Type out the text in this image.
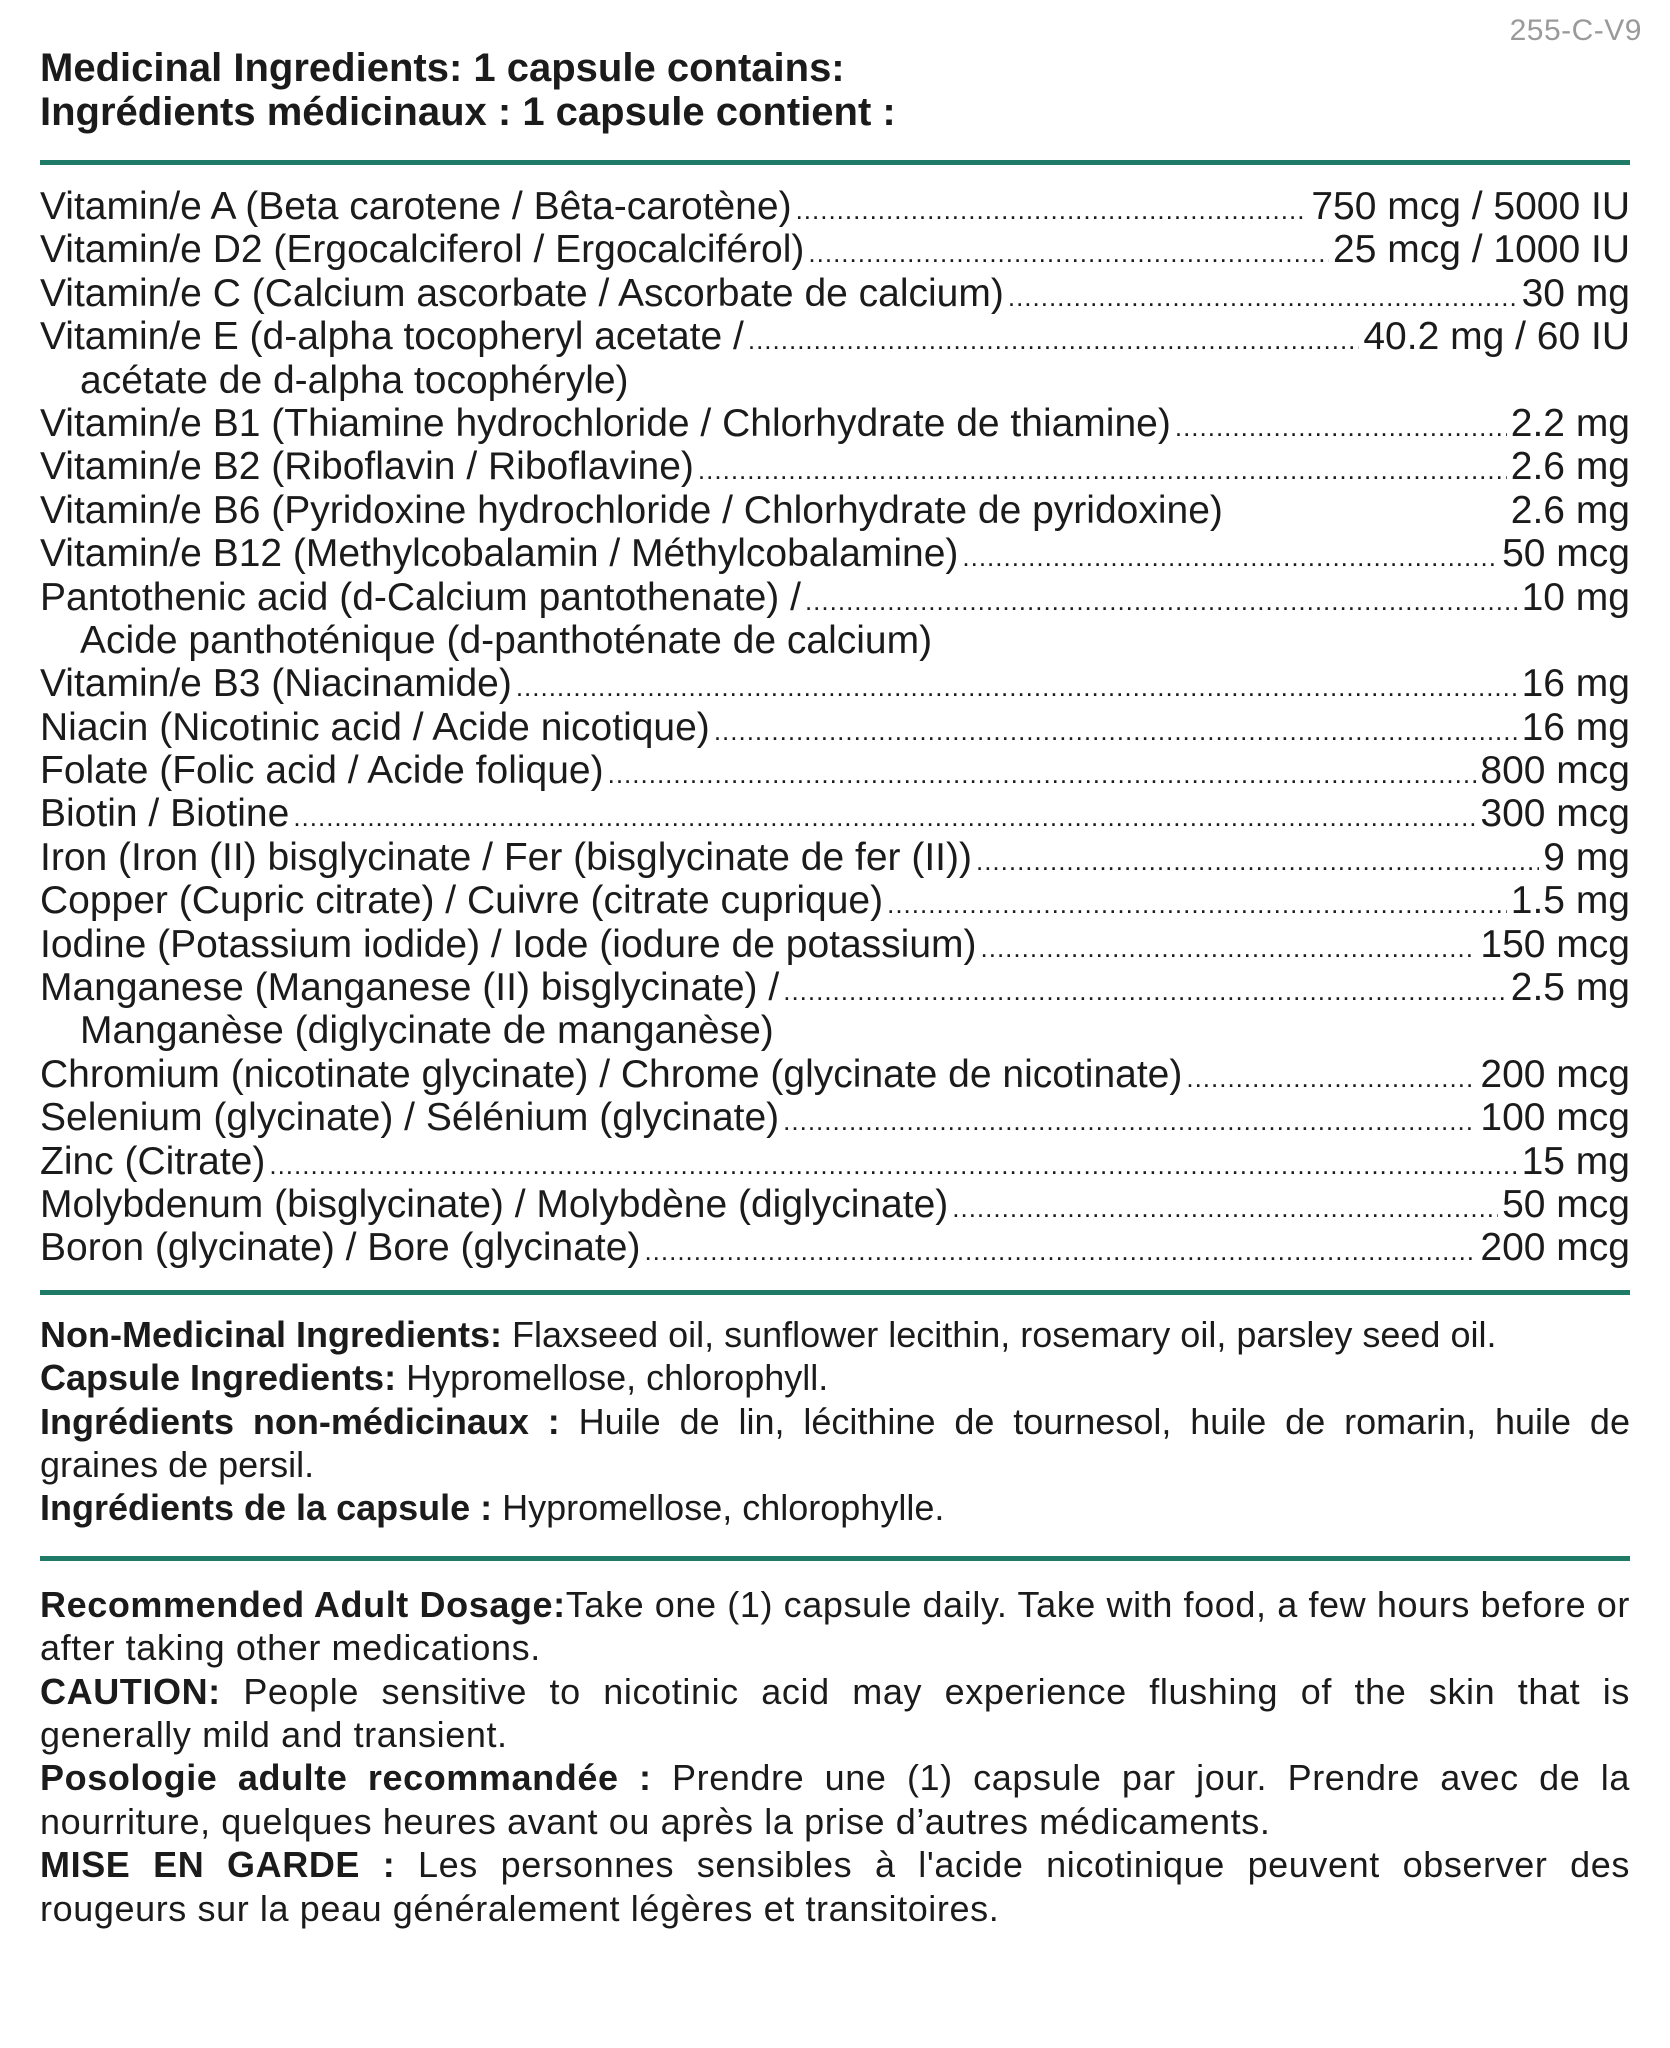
255-C-V9
Medicinal Ingredients: 1 capsule contains:
Ingrédients médicinaux : 1 capsule contient :
Vitamin/e A (Beta carotene / Bêta-carotène) .....	750 mcg / 5000 IU
Vitamin/e D2 (Ergocalciferol / Ergocalciférol) .....	25 mcg / 1000 IU
Vitamin/e C (Calcium ascorbate / Ascorbate de calcium) .....	30 mg
Vitamin/e E (d-alpha tocopheryl acetate / .....	40.2 mg / 60 IU
acétate de d-alpha tocophéryle)
Vitamin/e B1 (Thiamine hydrochloride / Chlorhydrate de thiamine) .....	2.2 mg
Vitamin/e B2 (Riboflavin / Riboflavine) .....	2.6 mg
Vitamin/e B6 (Pyridoxine hydrochloride / Chlorhydrate de pyridoxine)	2.6 mg
Vitamin/e B12 (Methylcobalamin / Méthylcobalamine) .....	50 mcg
Pantothenic acid (d-Calcium pantothenate) / .....	10 mg
Acide panthoténique (d-panthoténate de calcium)
Vitamin/e B3 (Niacinamide) .....	16 mg
Niacin (Nicotinic acid / Acide nicotique) .....	16 mg
Folate (Folic acid / Acide folique) .....	800 mcg
Biotin / Biotine .....	300 mcg
Iron (Iron (II) bisglycinate / Fer (bisglycinate de fer (II)) .....	9 mg
Copper (Cupric citrate) / Cuivre (citrate cuprique) .....	1.5 mg
Iodine (Potassium iodide) / Iode (iodure de potassium) .....	150 mcg
Manganese (Manganese (II) bisglycinate) / .....	2.5 mg
Manganèse (diglycinate de manganèse)
Chromium (nicotinate glycinate) / Chrome (glycinate de nicotinate) .....	200 mcg
Selenium (glycinate) / Sélénium (glycinate) .....	100 mcg
Zinc (Citrate) .....	15 mg
Molybdenum (bisglycinate) / Molybdène (diglycinate) .....	50 mcg
Boron (glycinate) / Bore (glycinate) .....	200 mcg

Non-Medicinal Ingredients: Flaxseed oil, sunflower lecithin, rosemary oil, parsley seed oil.

Capsule Ingredients: Hypromellose, chlorophyll.

Ingrédients non-médicinaux : Huile de lin, lécithine de tournesol, huile de romarin, huile de graines de persil.

Ingrédients de la capsule : Hypromellose, chlorophylle.

Recommended Adult Dosage:Take one (1) capsule daily. Take with food, a few hours before or after taking other medications.

CAUTION: People sensitive to nicotinic acid may experience flushing of the skin that is generally mild and transient.

Posologie adulte recommandée : Prendre une (1) capsule par jour. Prendre avec de la nourriture, quelques heures avant ou après la prise d’autres médicaments.

MISE EN GARDE : Les personnes sensibles à l'acide nicotinique peuvent observer des rougeurs sur la peau généralement légères et transitoires.
